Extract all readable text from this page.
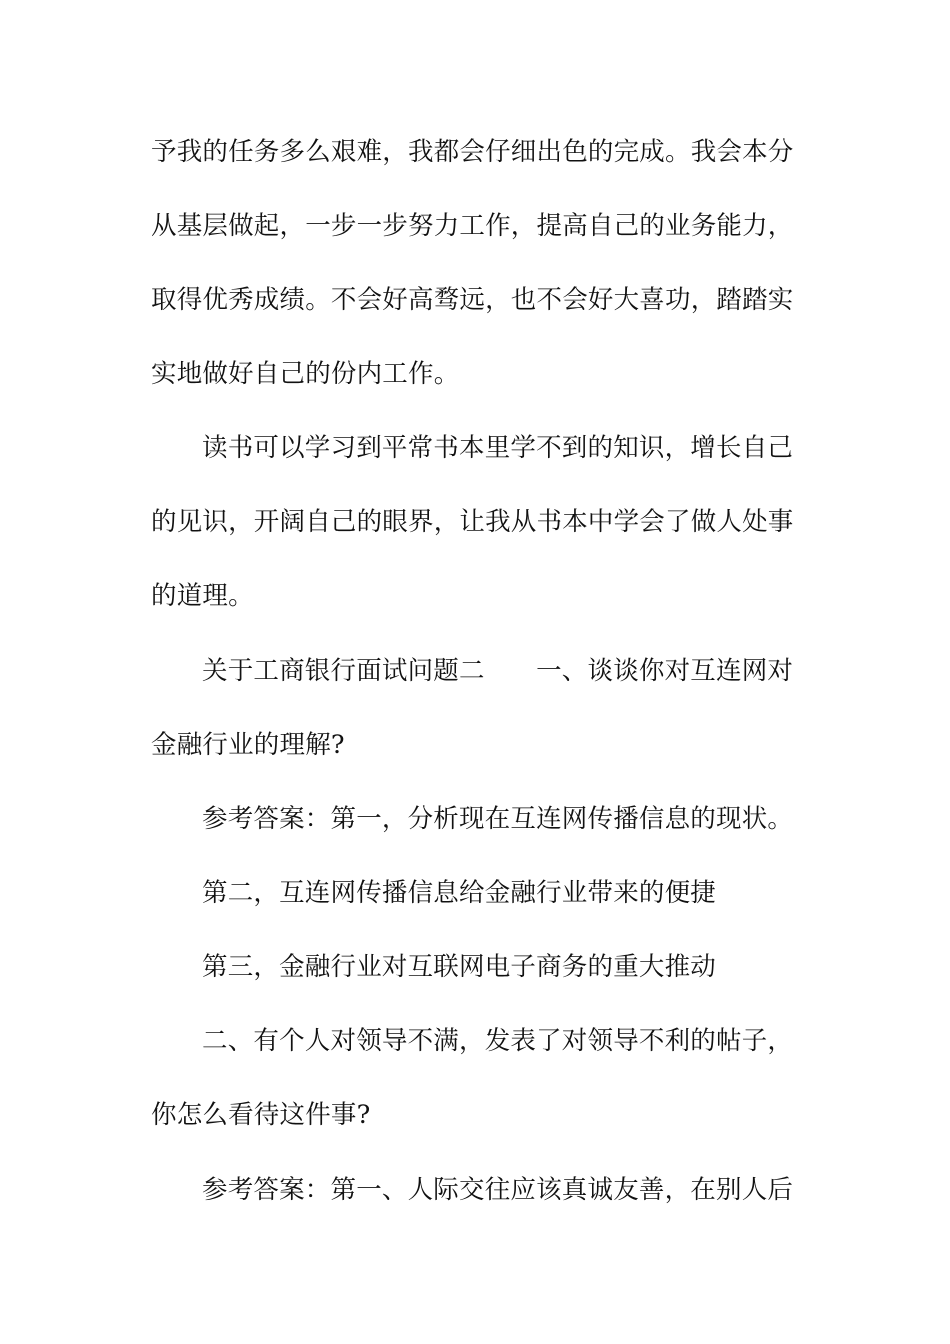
予我的任务多么艰难，我都会仔细出色的完成。我会本分
从基层做起，一步一步努力工作，提高自己的业务能力，
取得优秀成绩。不会好高骛远，也不会好大喜功，踏踏实
实地做好自己的份内工作。
读书可以学习到平常书本里学不到的知识，增长自己
的见识，开阔自己的眼界，让我从书本中学会了做人处事
的道理。
关于工商银行面试问题二　　一、谈谈你对互连网对
金融行业的理解?
参考答案：第一，分析现在互连网传播信息的现状。
第二，互连网传播信息给金融行业带来的便捷
第三，金融行业对互联网电子商务的重大推动
二、有个人对领导不满，发表了对领导不利的帖子，
你怎么看待这件事?
参考答案：第一、人际交往应该真诚友善，在别人后
